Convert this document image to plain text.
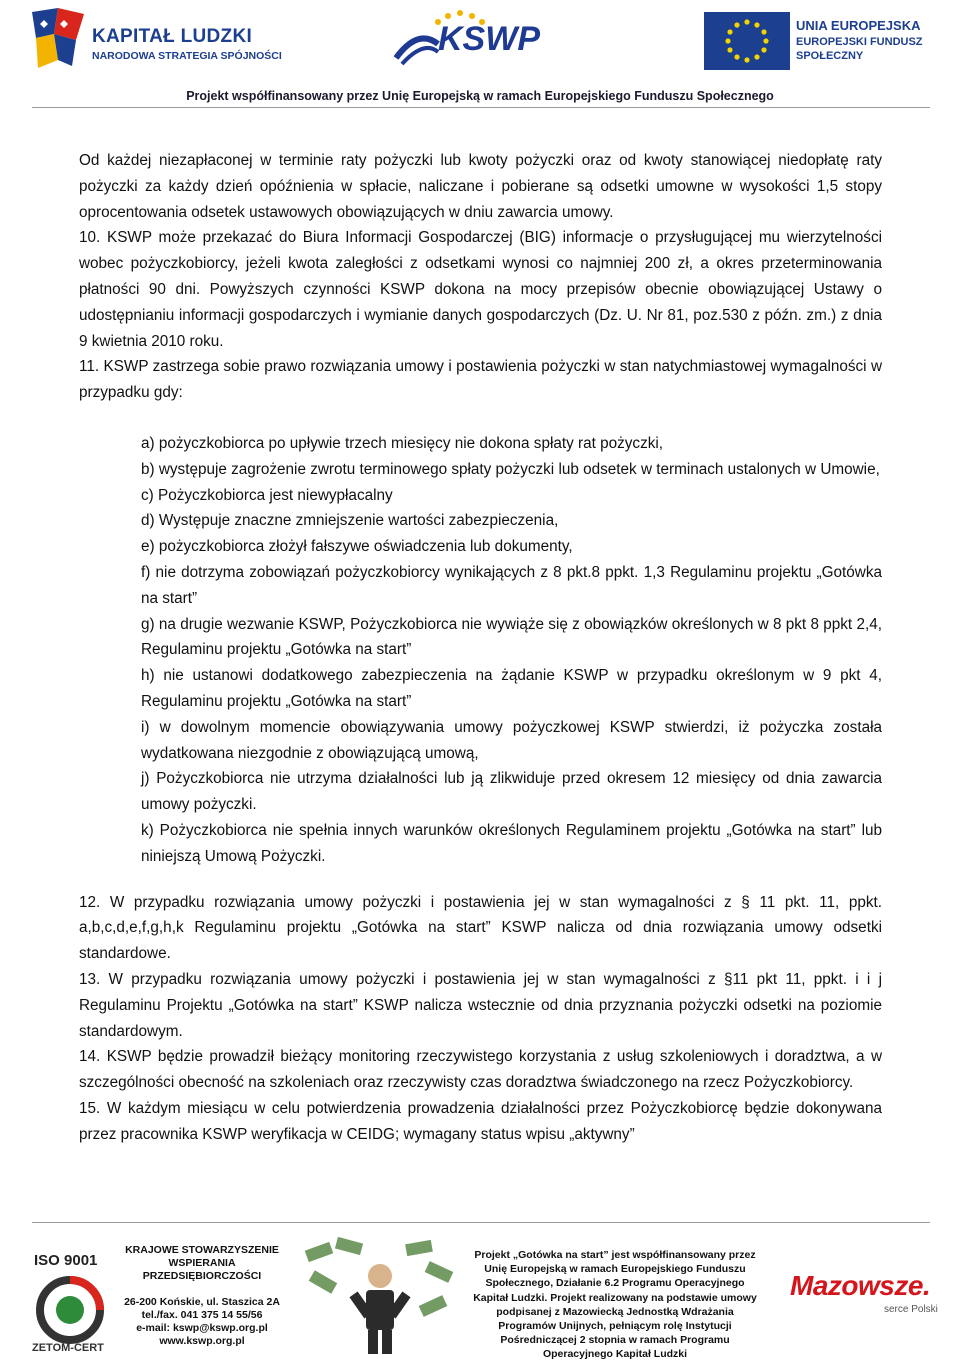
KAPITAŁ LUDZKI
NARODOWA STRATEGIA SPÓJNOŚCI	KSWP	UNIA EUROPEJSKA
EUROPEJSKI FUNDUSZ SPOŁECZNY
Projekt współfinansowany przez Unię Europejską w ramach Europejskiego Funduszu Społecznego

Od każdej niezapłaconej w terminie raty pożyczki lub kwoty pożyczki oraz od kwoty stanowiącej niedopłatę raty pożyczki za każdy dzień opóźnienia w spłacie, naliczane i pobierane są odsetki umowne w wysokości 1,5 stopy oprocentowania odsetek ustawowych obowiązujących w dniu zawarcia umowy.

10. KSWP może przekazać do Biura Informacji Gospodarczej (BIG) informacje o przysługującej mu wierzytelności wobec pożyczkobiorcy, jeżeli kwota zaległości z odsetkami wynosi co najmniej 200 zł, a okres przeterminowania płatności 90 dni. Powyższych czynności KSWP dokona na mocy przepisów obecnie obowiązującej Ustawy o udostępnianiu informacji gospodarczych i wymianie danych gospodarczych (Dz. U. Nr 81, poz.530 z późn. zm.) z dnia 9 kwietnia 2010 roku.

11. KSWP zastrzega sobie prawo rozwiązania umowy i postawienia pożyczki w stan natychmiastowej wymagalności w przypadku gdy:

a) pożyczkobiorca po upływie trzech miesięcy nie dokona spłaty rat pożyczki,

b) występuje zagrożenie zwrotu terminowego spłaty pożyczki lub odsetek w terminach ustalonych w Umowie,

c) Pożyczkobiorca jest niewypłacalny

d) Występuje znaczne zmniejszenie wartości zabezpieczenia,

e) pożyczkobiorca złożył fałszywe oświadczenia lub dokumenty,

f) nie dotrzyma zobowiązań pożyczkobiorcy wynikających z 8 pkt.8 ppkt. 1,3 Regulaminu projektu „Gotówka na start”

g) na drugie wezwanie KSWP, Pożyczkobiorca nie wywiąże się z obowiązków określonych w 8 pkt 8 ppkt 2,4, Regulaminu projektu „Gotówka na start”

h) nie ustanowi dodatkowego zabezpieczenia na żądanie KSWP w przypadku określonym w 9 pkt 4, Regulaminu projektu „Gotówka na start”

i) w dowolnym momencie obowiązywania umowy pożyczkowej KSWP stwierdzi, iż pożyczka została wydatkowana niezgodnie z obowiązującą umową,

j) Pożyczkobiorca nie utrzyma działalności lub ją zlikwiduje przed okresem 12 miesięcy od dnia zawarcia umowy pożyczki.

k) Pożyczkobiorca nie spełnia innych warunków określonych Regulaminem projektu „Gotówka na start” lub niniejszą Umową Pożyczki.

12. W przypadku rozwiązania umowy pożyczki i postawienia jej w stan wymagalności z § 11 pkt. 11, ppkt. a,b,c,d,e,f,g,h,k Regulaminu projektu „Gotówka na start” KSWP nalicza od dnia rozwiązania umowy odsetki standardowe.

13. W przypadku rozwiązania umowy pożyczki i postawienia jej w stan wymagalności z §11 pkt 11, ppkt. i i j Regulaminu Projektu „Gotówka na start” KSWP nalicza wstecznie od dnia przyznania pożyczki odsetki na poziomie standardowym.

14. KSWP będzie prowadził bieżący monitoring rzeczywistego korzystania z usług szkoleniowych i doradztwa, a w szczególności obecność na szkoleniach oraz rzeczywisty czas doradztwa świadczonego na rzecz Pożyczkobiorcy.

15. W każdym miesiącu w celu potwierdzenia prowadzenia działalności przez Pożyczkobiorcę będzie dokonywana przez pracownika KSWP weryfikacja w CEIDG; wymagany status wpisu „aktywny”

ISO 9001
ZETOM-CERT
KRAJOWE STOWARZYSZENIE
WSPIERANIA
PRZEDSIĘBIORCZOŚCI
26-200 Końskie, ul. Staszica 2A
tel./fax. 041 375 14 55/56
e-mail: kswp@kswp.org.pl
www.kswp.org.pl
Projekt „Gotówka na start” jest współfinansowany przez Unię Europejską w ramach Europejskiego Funduszu Społecznego, Działanie 6.2 Programu Operacyjnego Kapitał Ludzki. Projekt realizowany na podstawie umowy podpisanej z Mazowiecką Jednostką Wdrażania Programów Unijnych, pełniącym rolę Instytucji Pośredniczącej 2 stopnia w ramach Programu Operacyjnego Kapitał Ludzki
Mazowsze.
serce Polski
